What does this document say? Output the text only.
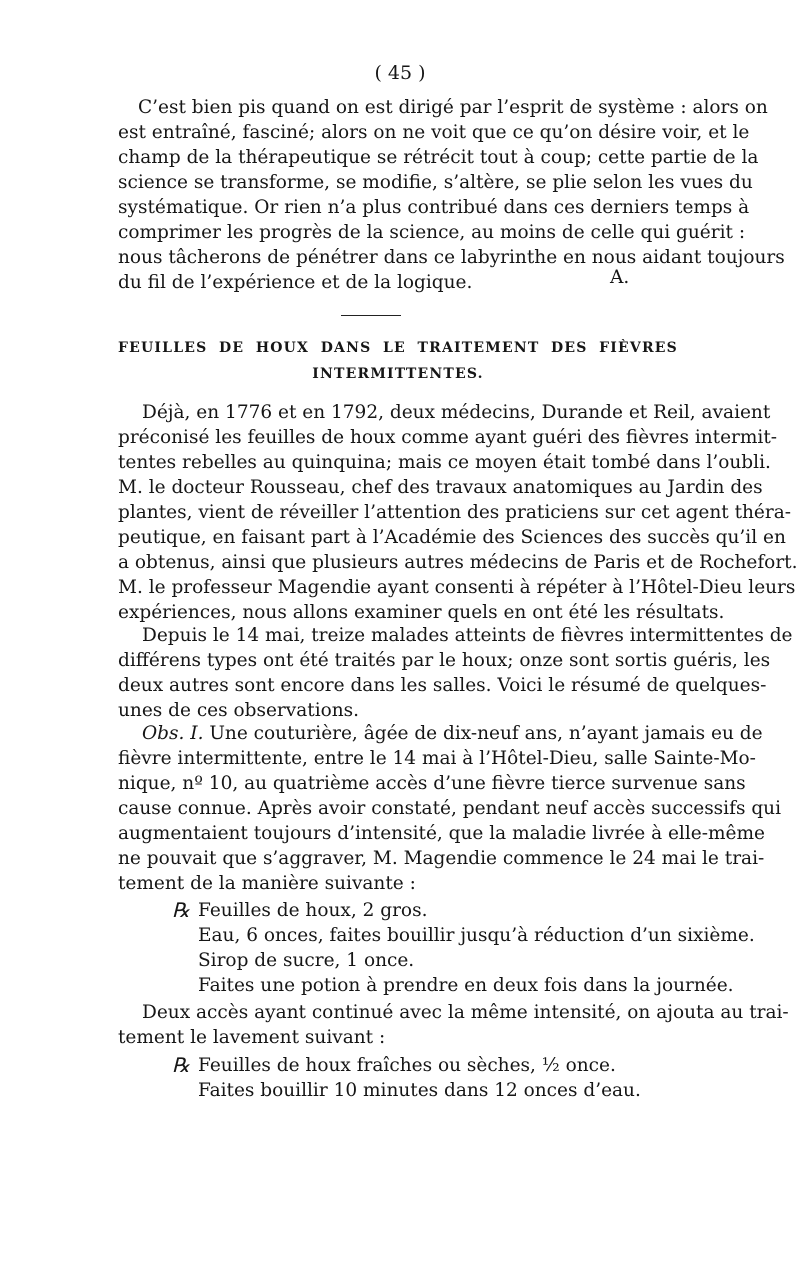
( 45 )
C’est bien pis quand on est dirigé par l’esprit de système : alors on
est entraîné, fasciné; alors on ne voit que ce qu’on désire voir, et le
champ de la thérapeutique se rétrécit tout à coup; cette partie de la
science se transforme, se modifie, s’altère, se plie selon les vues du
systématique. Or rien n’a plus contribué dans ces derniers temps à
comprimer les progrès de la science, au moins de celle qui guérit :
nous tâcherons de pénétrer dans ce labyrinthe en nous aidant toujours
du fil de l’expérience et de la logique.	A.
FEUILLES DE HOUX DANS LE TRAITEMENT DES FIÈVRES
INTERMITTENTES.
Déjà, en 1776 et en 1792, deux médecins, Durande et Reil, avaient
préconisé les feuilles de houx comme ayant guéri des fièvres intermit-
tentes rebelles au quinquina; mais ce moyen était tombé dans l’oubli.
M. le docteur Rousseau, chef des travaux anatomiques au Jardin des
plantes, vient de réveiller l’attention des praticiens sur cet agent théra-
peutique, en faisant part à l’Académie des Sciences des succès qu’il en
a obtenus, ainsi que plusieurs autres médecins de Paris et de Rochefort.
M. le professeur Magendie ayant consenti à répéter à l’Hôtel-Dieu leurs
expériences, nous allons examiner quels en ont été les résultats.
Depuis le 14 mai, treize malades atteints de fièvres intermittentes de
différens types ont été traités par le houx; onze sont sortis guéris, les
deux autres sont encore dans les salles. Voici le résumé de quelques-
unes de ces observations.
Obs. I. Une couturière, âgée de dix-neuf ans, n’ayant jamais eu de
fièvre intermittente, entre le 14 mai à l’Hôtel-Dieu, salle Sainte-Mo-
nique, nº 10, au quatrième accès d’une fièvre tierce survenue sans
cause connue. Après avoir constaté, pendant neuf accès successifs qui
augmentaient toujours d’intensité, que la maladie livrée à elle-même
ne pouvait que s’aggraver, M. Magendie commence le 24 mai le trai-
tement de la manière suivante :
℞ Feuilles de houx, 2 gros.
Eau, 6 onces, faites bouillir jusqu’à réduction d’un sixième.
Sirop de sucre, 1 once.
Faites une potion à prendre en deux fois dans la journée.
Deux accès ayant continué avec la même intensité, on ajouta au trai-
tement le lavement suivant :
℞ Feuilles de houx fraîches ou sèches, ½ once.
Faites bouillir 10 minutes dans 12 onces d’eau.
